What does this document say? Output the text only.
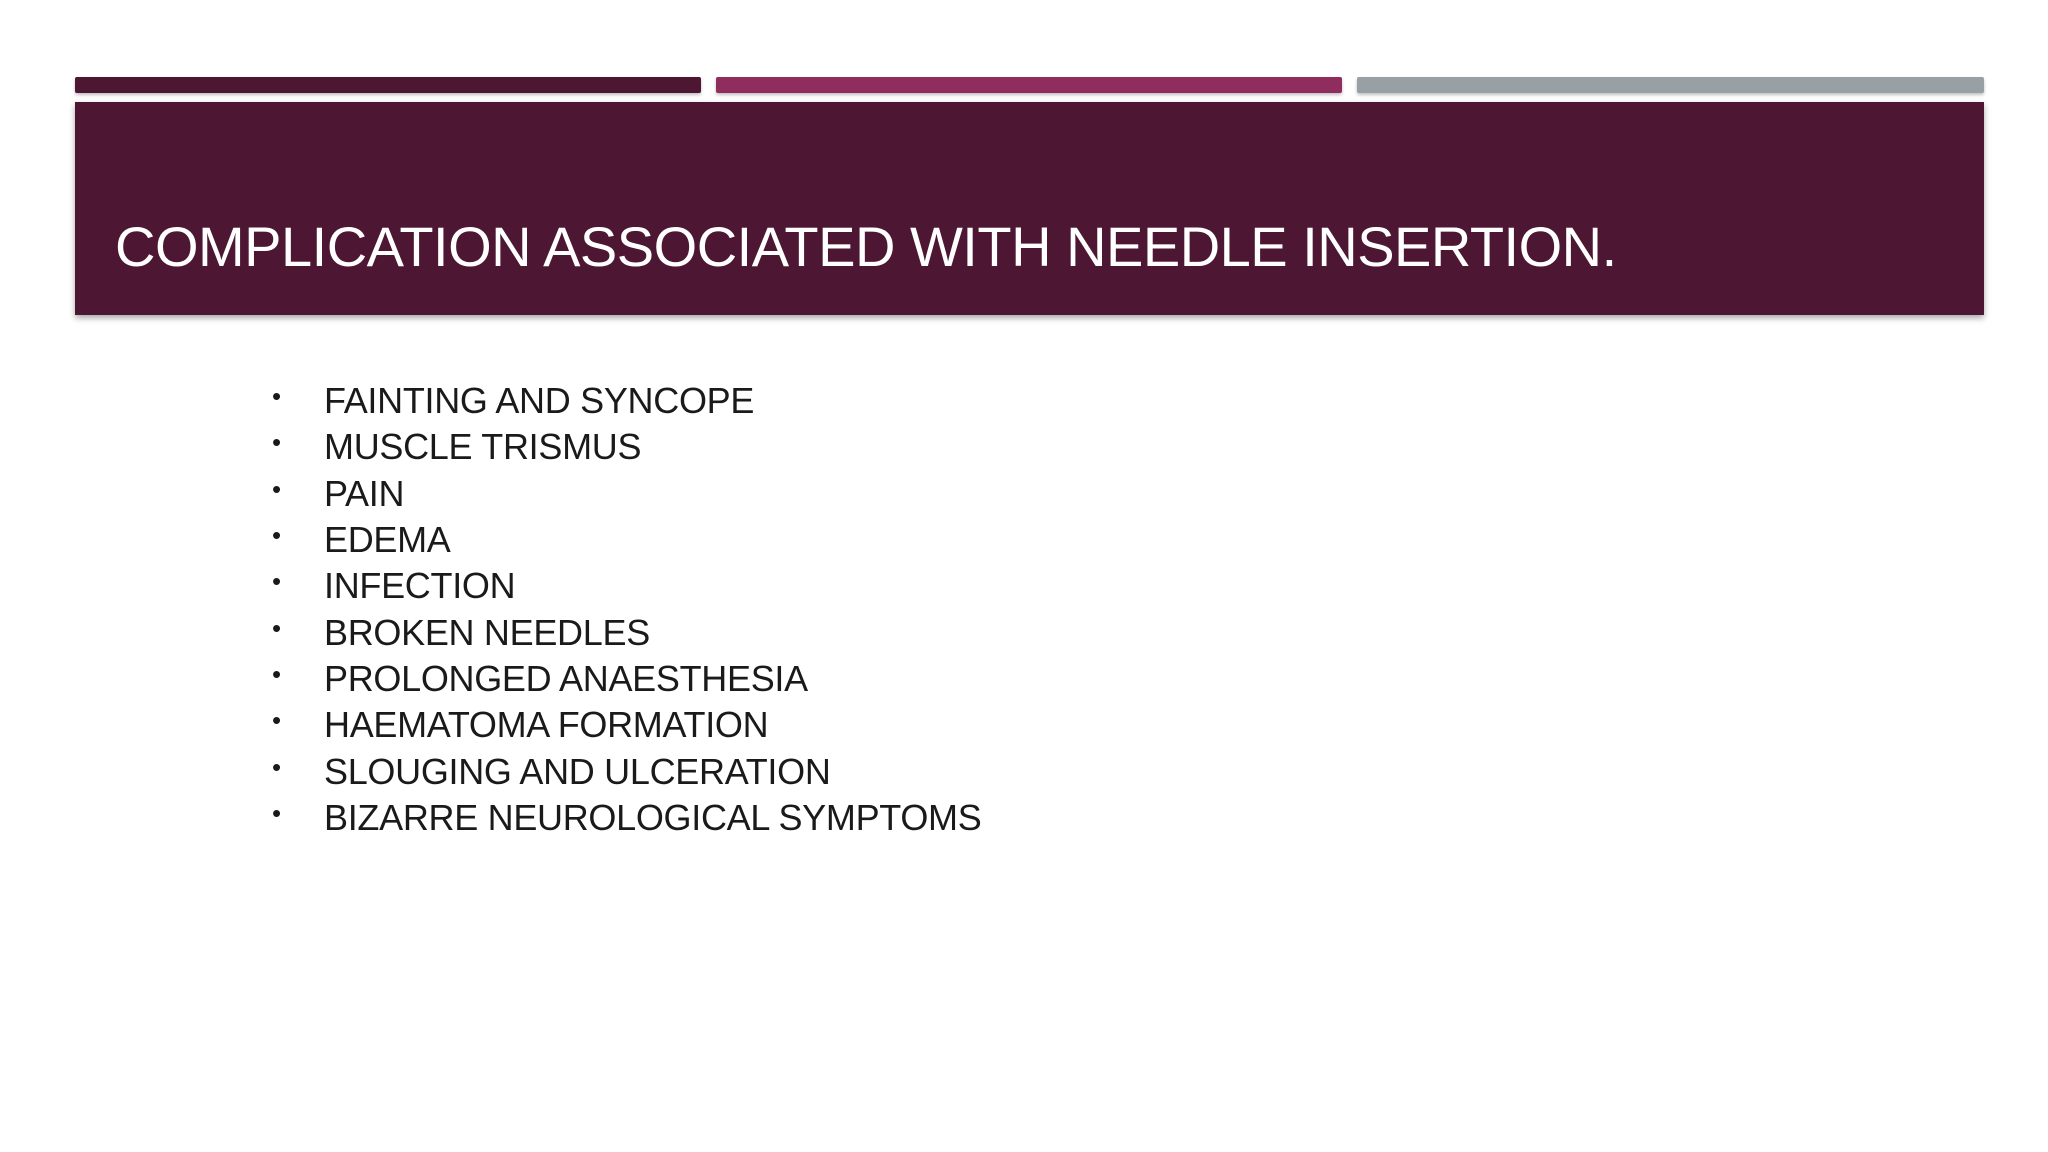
COMPLICATION ASSOCIATED WITH NEEDLE INSERTION.
•	FAINTING AND SYNCOPE
•	MUSCLE TRISMUS
•	PAIN
•	EDEMA
•	INFECTION
•	BROKEN NEEDLES
•	PROLONGED ANAESTHESIA
•	HAEMATOMA FORMATION
•	SLOUGING AND ULCERATION
•	BIZARRE NEUROLOGICAL SYMPTOMS
